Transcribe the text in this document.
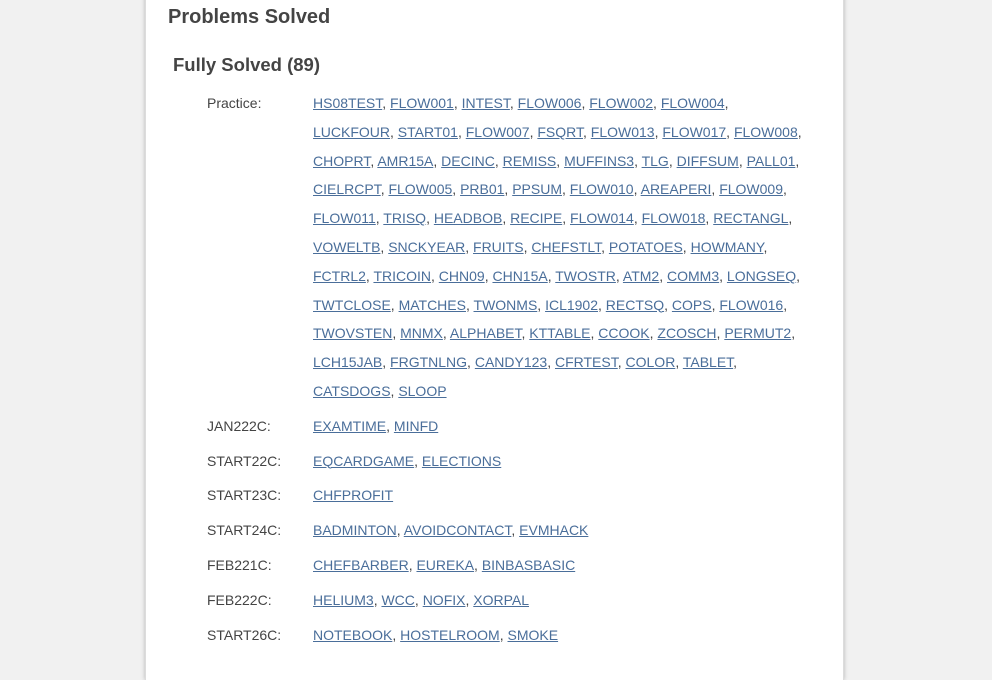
Problems Solved
Fully Solved (89)
Practice:	HS08TEST, FLOW001, INTEST, FLOW006, FLOW002, FLOW004, LUCKFOUR, START01, FLOW007, FSQRT, FLOW013, FLOW017, FLOW008, CHOPRT, AMR15A, DECINC, REMISS, MUFFINS3, TLG, DIFFSUM, PALL01, CIELRCPT, FLOW005, PRB01, PPSUM, FLOW010, AREAPERI, FLOW009, FLOW011, TRISQ, HEADBOB, RECIPE, FLOW014, FLOW018, RECTANGL, VOWELTB, SNCKYEAR, FRUITS, CHEFSTLT, POTATOES, HOWMANY, FCTRL2, TRICOIN, CHN09, CHN15A, TWOSTR, ATM2, COMM3, LONGSEQ, TWTCLOSE, MATCHES, TWONMS, ICL1902, RECTSQ, COPS, FLOW016, TWOVSTEN, MNMX, ALPHABET, KTTABLE, CCOOK, ZCOSCH, PERMUT2, LCH15JAB, FRGTNLNG, CANDY123, CFRTEST, COLOR, TABLET, CATSDOGS, SLOOP
JAN222C:	EXAMTIME, MINFD
START22C:	EQCARDGAME, ELECTIONS
START23C:	CHFPROFIT
START24C:	BADMINTON, AVOIDCONTACT, EVMHACK
FEB221C:	CHEFBARBER, EUREKA, BINBASBASIC
FEB222C:	HELIUM3, WCC, NOFIX, XORPAL
START26C:	NOTEBOOK, HOSTELROOM, SMOKE
